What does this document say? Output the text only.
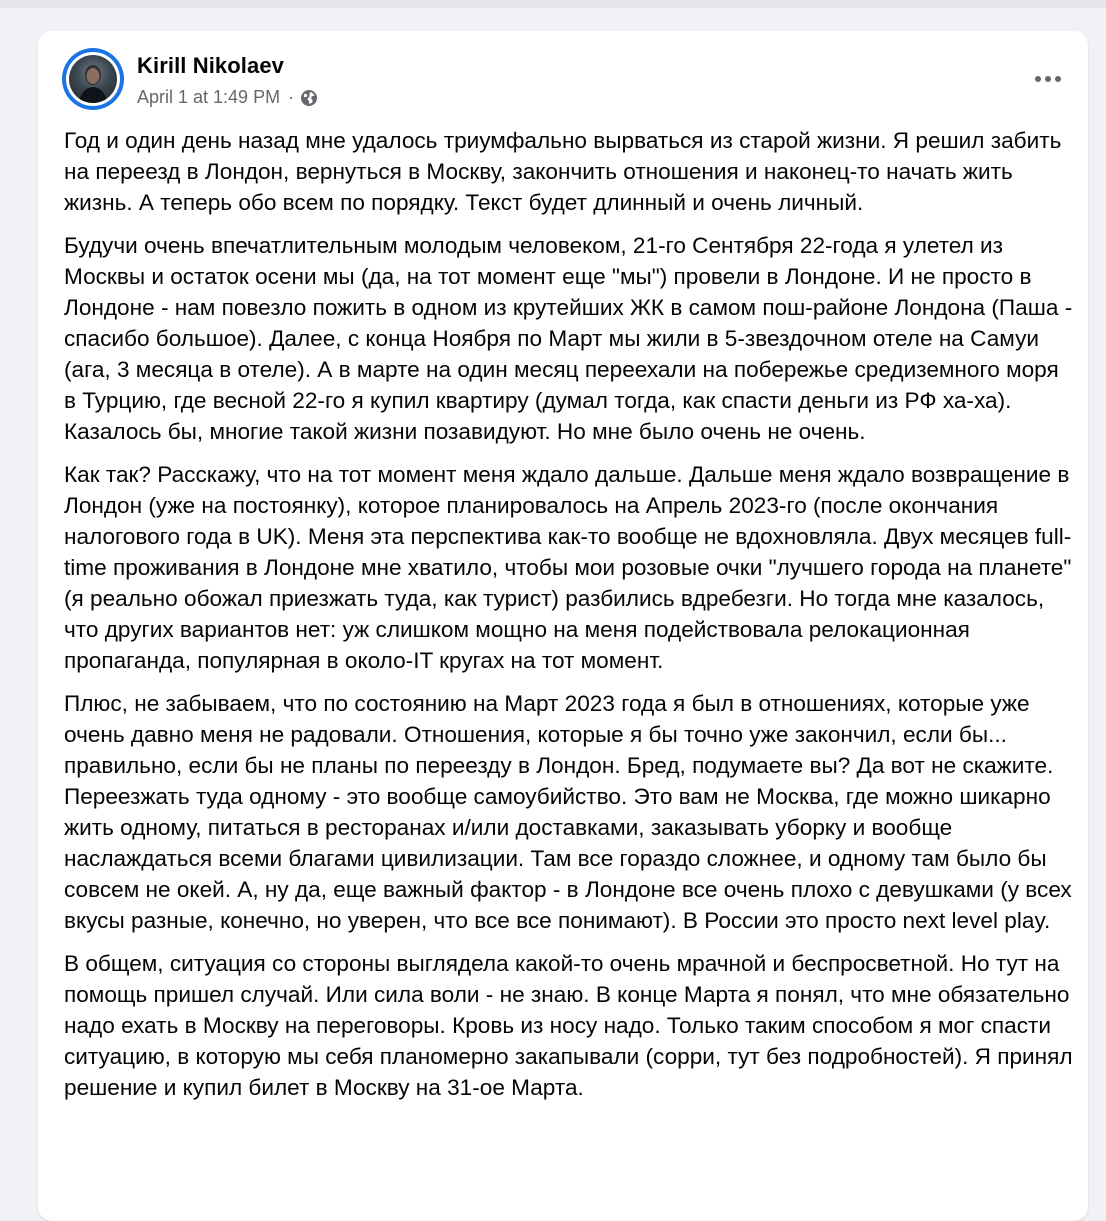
Kirill Nikolaev
April 1 at 1:49 PM ·

Год и один день назад мне удалось триумфально вырваться из старой жизни. Я решил забить на переезд в Лондон, вернуться в Москву, закончить отношения и наконец-то начать жить жизнь. А теперь обо всем по порядку. Текст будет длинный и очень личный.

Будучи очень впечатлительным молодым человеком, 21-го Сентября 22-года я улетел из Москвы и остаток осени мы (да, на тот момент еще "мы") провели в Лондоне. И не просто в Лондоне - нам повезло пожить в одном из крутейших ЖК в самом пош-районе Лондона (Паша - спасибо большое). Далее, с конца Ноября по Март мы жили в 5-звездочном отеле на Самуи (ага, 3 месяца в отеле). А в марте на один месяц переехали на побережье средиземного моря в Турцию, где весной 22-го я купил квартиру (думал тогда, как спасти деньги из РФ ха-ха). Казалось бы, многие такой жизни позавидуют. Но мне было очень не очень.

Как так? Расскажу, что на тот момент меня ждало дальше. Дальше меня ждало возвращение в Лондон (уже на постоянку), которое планировалось на Апрель 2023-го (после окончания налогового года в UK). Меня эта перспектива как-то вообще не вдохновляла. Двух месяцев full-time проживания в Лондоне мне хватило, чтобы мои розовые очки "лучшего города на планете" (я реально обожал приезжать туда, как турист) разбились вдребезги. Но тогда мне казалось, что других вариантов нет: уж слишком мощно на меня подействовала релокационная пропаганда, популярная в около-IT кругах на тот момент.

Плюс, не забываем, что по состоянию на Март 2023 года я был в отношениях, которые уже очень давно меня не радовали. Отношения, которые я бы точно уже закончил, если бы... правильно, если бы не планы по переезду в Лондон. Бред, подумаете вы? Да вот не скажите. Переезжать туда одному - это вообще самоубийство. Это вам не Москва, где можно шикарно жить одному, питаться в ресторанах и/или доставками, заказывать уборку и вообще наслаждаться всеми благами цивилизации. Там все гораздо сложнее, и одному там было бы совсем не окей. А, ну да, еще важный фактор - в Лондоне все очень плохо с девушками (у всех вкусы разные, конечно, но уверен, что все все понимают). В России это просто next level play.

В общем, ситуация со стороны выглядела какой-то очень мрачной и беспросветной. Но тут на помощь пришел случай. Или сила воли - не знаю. В конце Марта я понял, что мне обязательно надо ехать в Москву на переговоры. Кровь из носу надо. Только таким способом я мог спасти ситуацию, в которую мы себя планомерно закапывали (сорри, тут без подробностей). Я принял решение и купил билет в Москву на 31-ое Марта.
